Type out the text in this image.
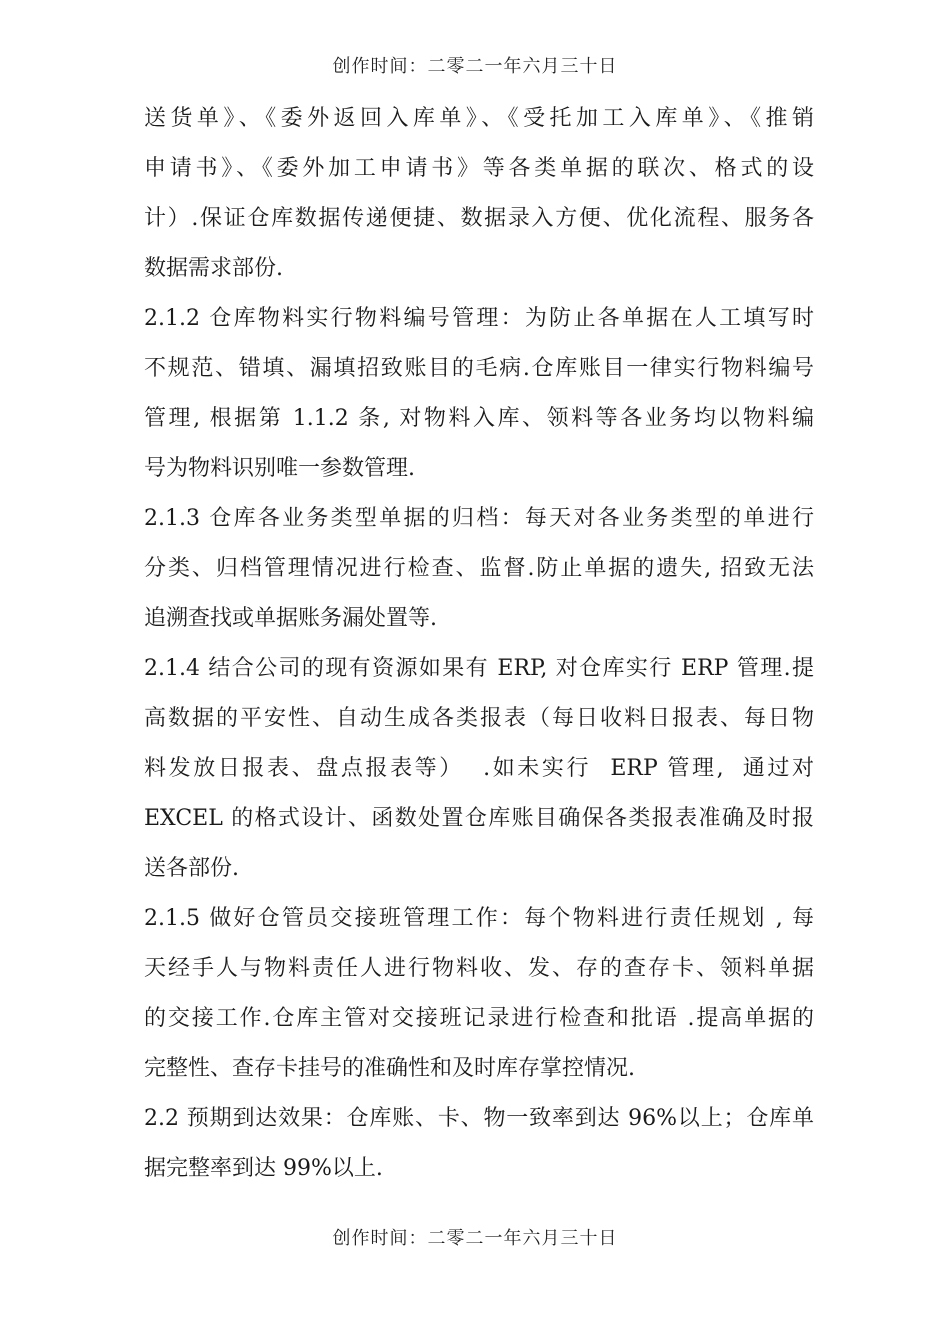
创作时间：二零二一年六月三十日
送货单》、《委外返回入库单》、《受托加工入库单》、《推销
申请书》、《委外加工申请书》等各类单据的联次、格式的设
计）.保证仓库数据传递便捷、数据录入方便、优化流程、服务各
数据需求部份.
2.1.2 仓库物料实行物料编号管理：为防止各单据在人工填写时
不规范、错填、漏填招致账目的毛病.仓库账目一律实行物料编号
管理, 根据第 1.1.2 条, 对物料入库、领料等各业务均以物料编
号为物料识别唯一参数管理.
2.1.3 仓库各业务类型单据的归档：每天对各业务类型的单进行
分类、归档管理情况进行检查、监督.防止单据的遗失, 招致无法
追溯查找或单据账务漏处置等.
2.1.4 结合公司的现有资源如果有 ERP, 对仓库实行 ERP 管理.提
高数据的平安性、自动生成各类报表（每日收料日报表、每日物
料发放日报表、盘点报表等）  .如未实行  ERP 管理,  通过对
EXCEL 的格式设计、函数处置仓库账目确保各类报表准确及时报
送各部份.
2.1.5 做好仓管员交接班管理工作：每个物料进行责任规划 , 每
天经手人与物料责任人进行物料收、发、存的查存卡、领料单据
的交接工作.仓库主管对交接班记录进行检查和批语 .提高单据的
完整性、查存卡挂号的准确性和及时库存掌控情况.
2.2 预期到达效果：仓库账、卡、物一致率到达 96%以上；仓库单
据完整率到达 99%以上.
创作时间：二零二一年六月三十日
